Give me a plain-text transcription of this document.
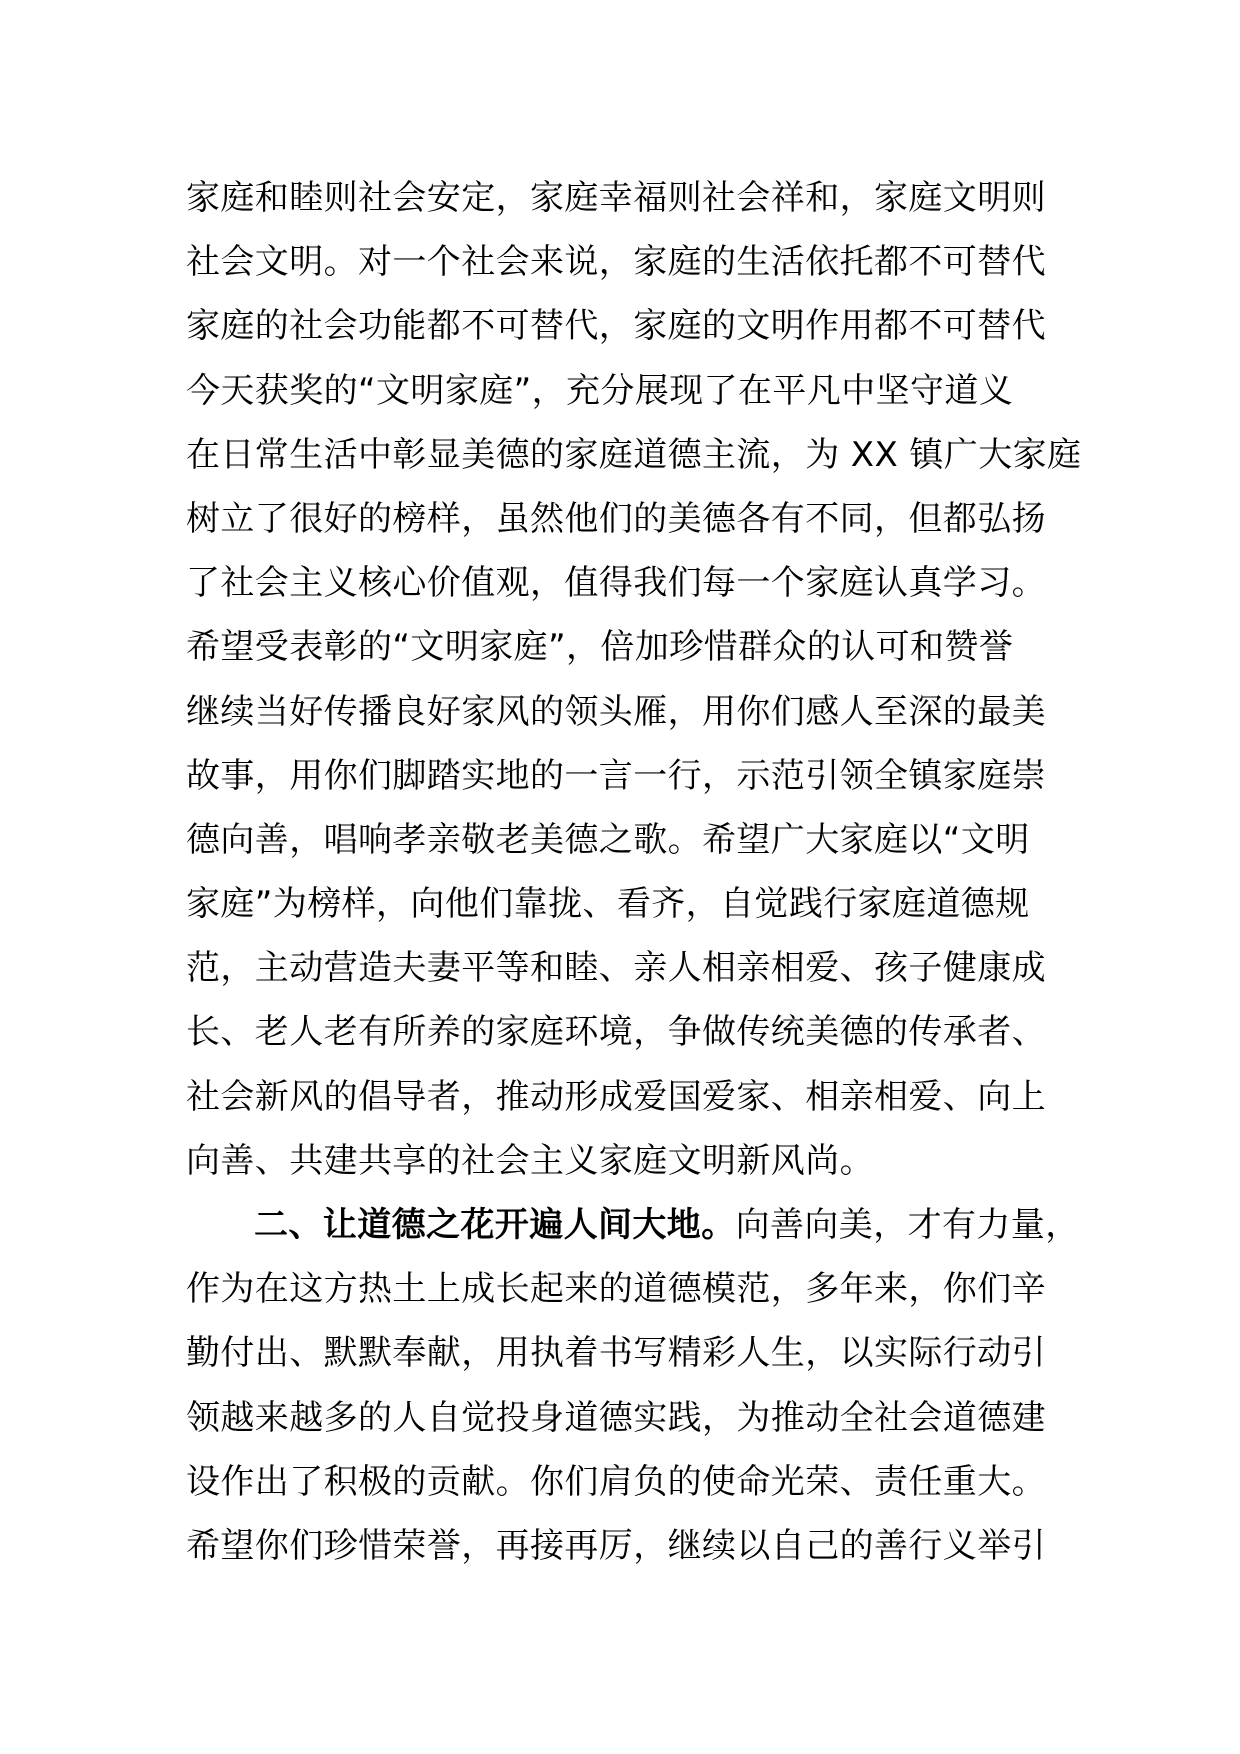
家庭和睦则社会安定，家庭幸福则社会祥和，家庭文明则
社会文明。对一个社会来说，家庭的生活依托都不可替代
家庭的社会功能都不可替代，家庭的文明作用都不可替代
今天获奖的“文明家庭”，充分展现了在平凡中坚守道义
在日常生活中彰显美德的家庭道德主流，为 XX 镇广大家庭
树立了很好的榜样，虽然他们的美德各有不同，但都弘扬
了社会主义核心价值观，值得我们每一个家庭认真学习。
希望受表彰的“文明家庭”，倍加珍惜群众的认可和赞誉
继续当好传播良好家风的领头雁，用你们感人至深的最美
故事，用你们脚踏实地的一言一行，示范引领全镇家庭崇
德向善，唱响孝亲敬老美德之歌。希望广大家庭以“文明
家庭”为榜样，向他们靠拢、看齐，自觉践行家庭道德规
范，主动营造夫妻平等和睦、亲人相亲相爱、孩子健康成
长、老人老有所养的家庭环境，争做传统美德的传承者、
社会新风的倡导者，推动形成爱国爱家、相亲相爱、向上
向善、共建共享的社会主义家庭文明新风尚。
二、让道德之花开遍人间大地。向善向美，才有力量，
作为在这方热土上成长起来的道德模范，多年来，你们辛
勤付出、默默奉献，用执着书写精彩人生，以实际行动引
领越来越多的人自觉投身道德实践，为推动全社会道德建
设作出了积极的贡献。你们肩负的使命光荣、责任重大。
希望你们珍惜荣誉，再接再厉，继续以自己的善行义举引
